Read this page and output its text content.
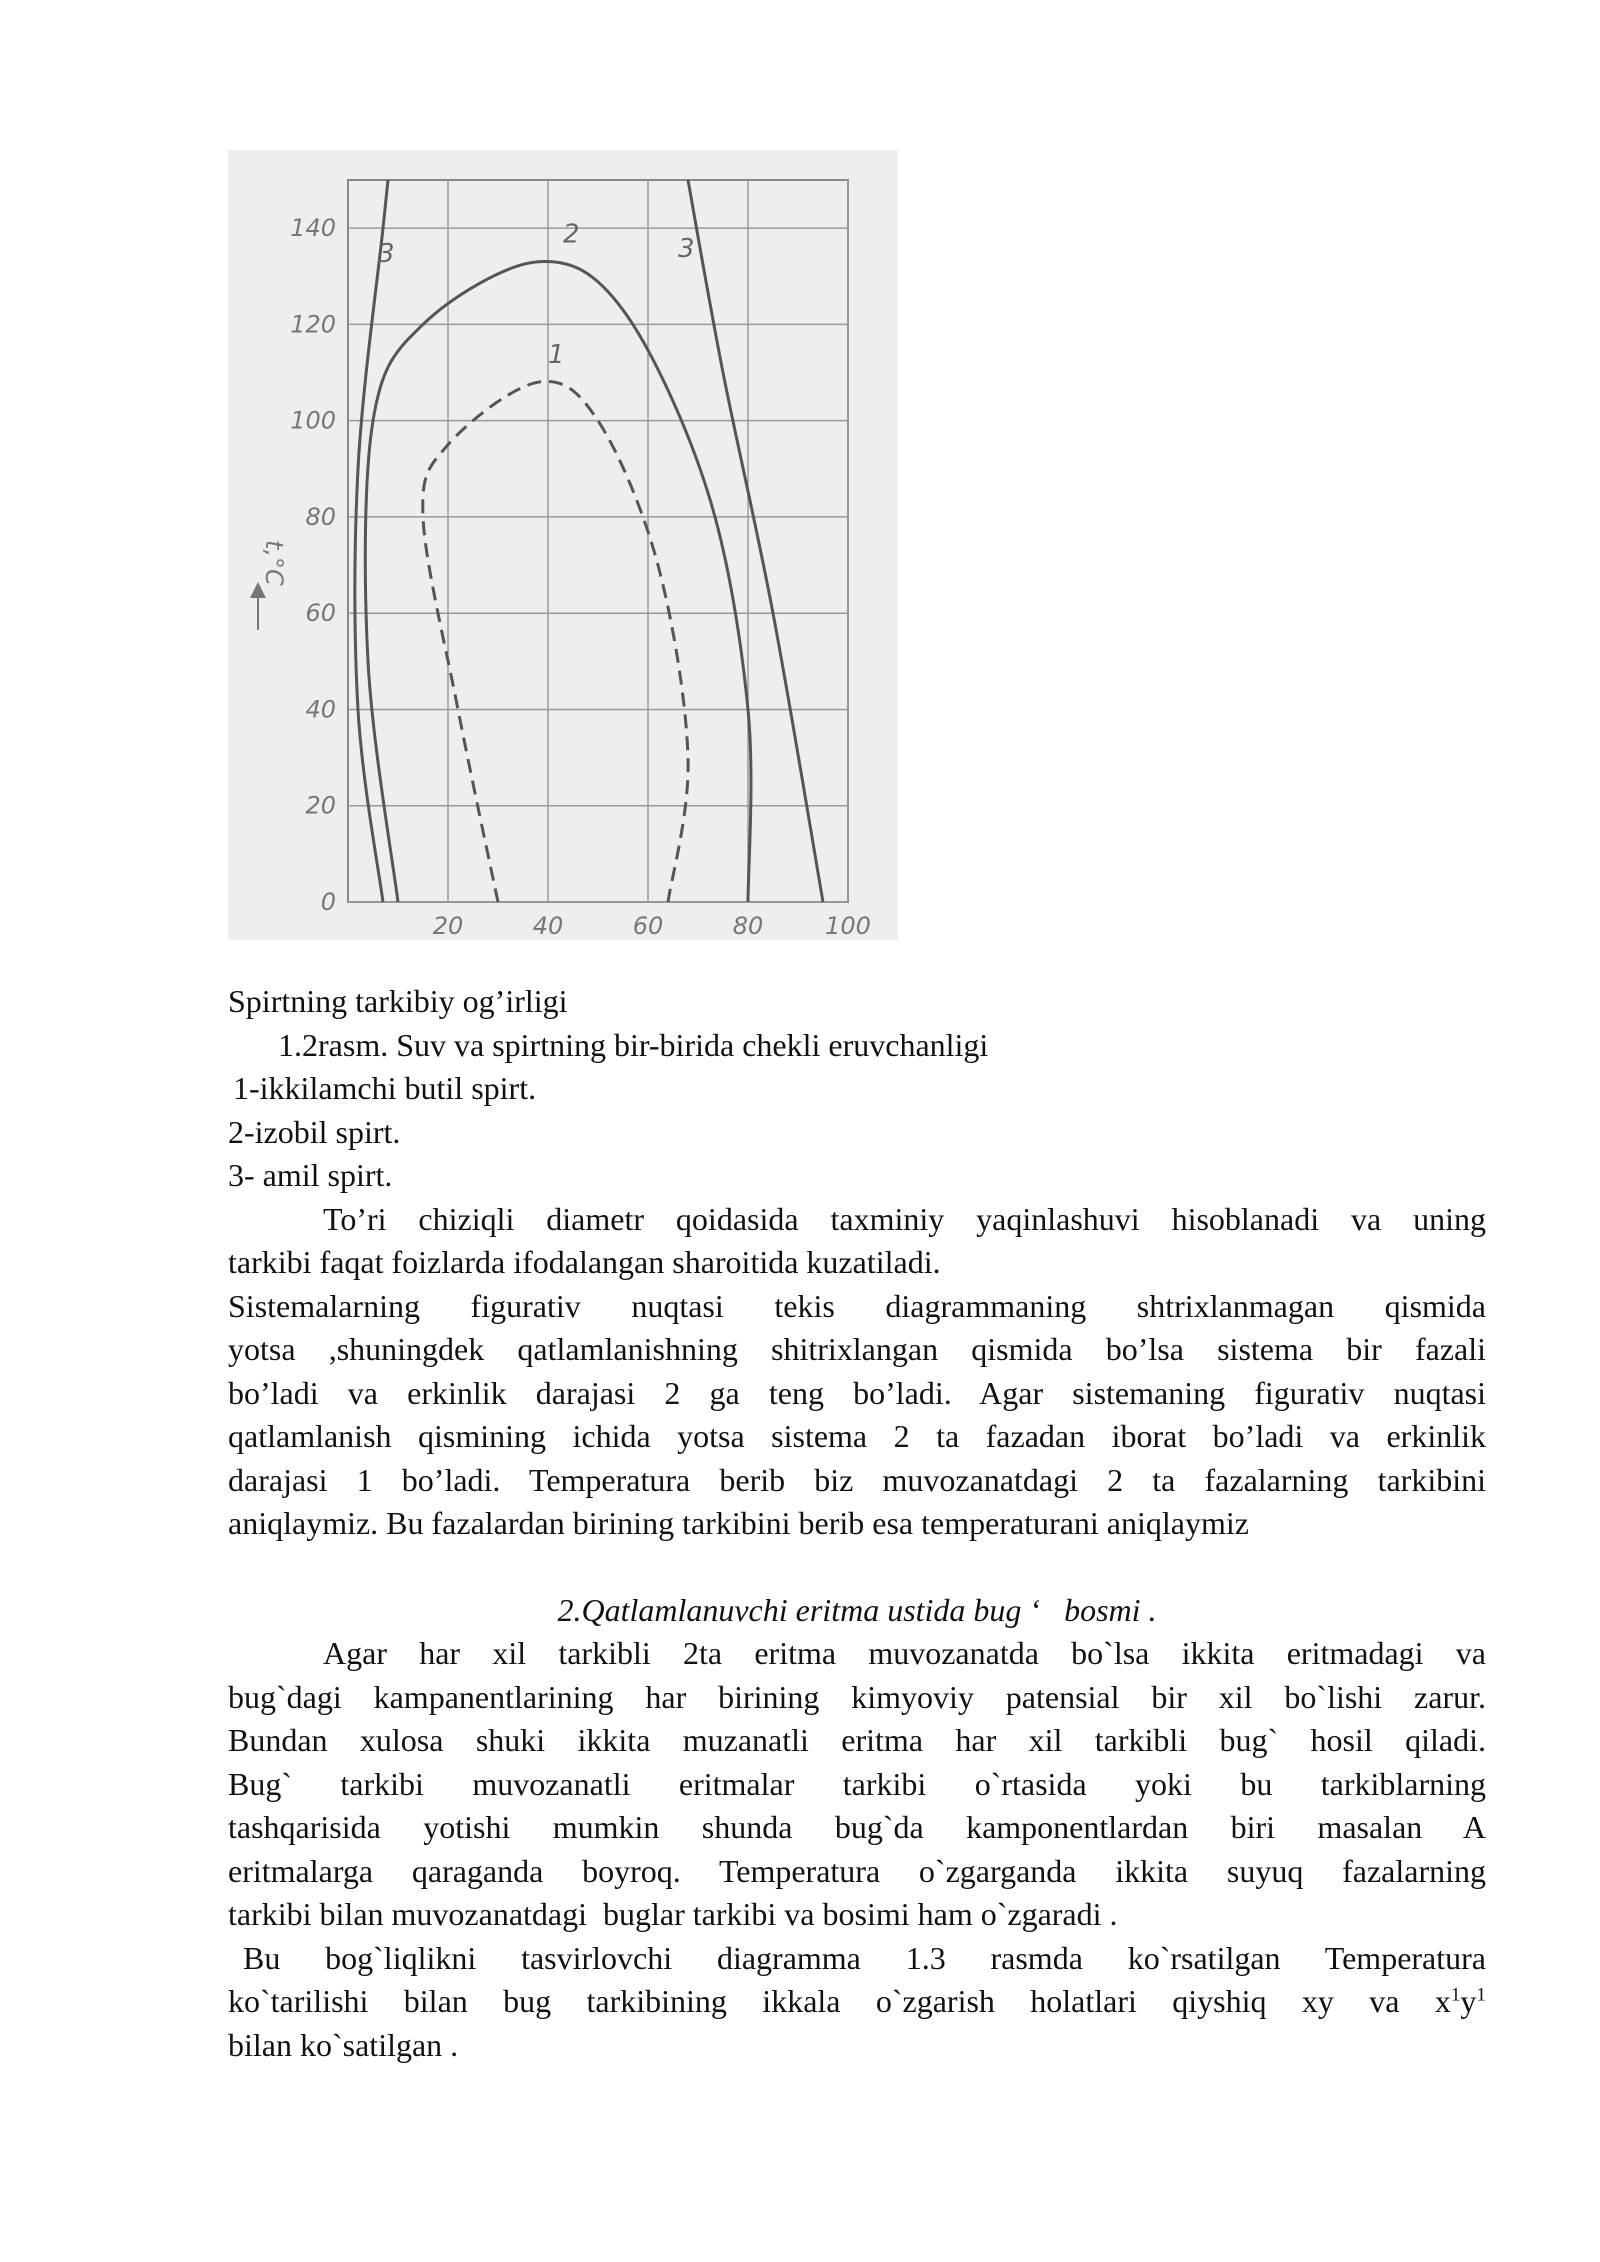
0
20
40
60
80
100
120
140
20	40	60	80	100
t,°C
1
2
3	3
Spirtning tarkibiy og’irligi
1.2rasm. Suv va spirtning bir-birida chekli eruvchanligi
1-ikkilamchi butil spirt.
2-izobil spirt.
3- amil spirt.
To’ri chiziqli diametr qoidasida taxminiy yaqinlashuvi hisoblanadi va uning
tarkibi faqat foizlarda ifodalangan sharoitida kuzatiladi.
Sistemalarning figurativ nuqtasi tekis diagrammaning shtrixlanmagan qismida
yotsa ,shuningdek qatlamlanishning shitrixlangan qismida bo’lsa sistema bir fazali
bo’ladi va erkinlik darajasi 2 ga teng bo’ladi. Agar sistemaning figurativ nuqtasi
qatlamlanish qismining ichida yotsa sistema 2 ta fazadan iborat bo’ladi va erkinlik
darajasi 1 bo’ladi. Temperatura berib biz muvozanatdagi 2 ta fazalarning tarkibini
aniqlaymiz. Bu fazalardan birining tarkibini berib esa temperaturani aniqlaymiz
2.Qatlamlanuvchi eritma ustida bug ‘   bosmi .
Agar har xil tarkibli 2ta eritma muvozanatda bo`lsa ikkita eritmadagi va
bug`dagi kampanentlarining har birining kimyoviy patensial bir xil bo`lishi zarur.
Bundan xulosa shuki ikkita muzanatli eritma har xil tarkibli bug` hosil qiladi.
Bug` tarkibi muvozanatli eritmalar tarkibi o`rtasida yoki bu tarkiblarning
tashqarisida yotishi mumkin shunda bug`da kamponentlardan biri masalan A
eritmalarga qaraganda boyroq. Temperatura o`zgarganda ikkita suyuq fazalarning
tarkibi bilan muvozanatdagi  buglar tarkibi va bosimi ham o`zgaradi .
Bu bog`liqlikni tasvirlovchi diagramma 1.3 rasmda ko`rsatilgan Temperatura
ko`tarilishi bilan bug tarkibining ikkala o`zgarish holatlari qiyshiq xy va $x^1y^1$
bilan ko`satilgan .
